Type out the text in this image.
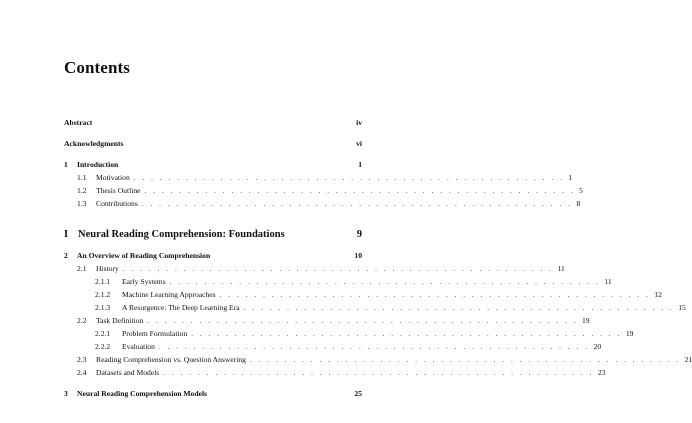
Contents
Abstract	iv
Acknowledgments	vi
1	Introduction	1
1.1	Motivation . . . . . . . . . . . . . . . . . . . . . . . . . . . . . . . . . . . . . . . . . . . . . . . . . . 1
1.2	Thesis Outline . . . . . . . . . . . . . . . . . . . . . . . . . . . . . . . . . . . . . . . . . . . . . . . . . . 5
1.3	Contributions . . . . . . . . . . . . . . . . . . . . . . . . . . . . . . . . . . . . . . . . . . . . . . . . . . 8
I Neural Reading Comprehension: Foundations	9
2	An Overview of Reading Comprehension	10
2.1	History . . . . . . . . . . . . . . . . . . . . . . . . . . . . . . . . . . . . . . . . . . . . . . . . . . 11
2.1.1	Early Systems . . . . . . . . . . . . . . . . . . . . . . . . . . . . . . . . . . . . . . . . . . . . . . . . . . 11
2.1.2	Machine Learning Approaches . . . . . . . . . . . . . . . . . . . . . . . . . . . . . . . . . . . . . . . . . . . . . . . . . . 12
2.1.3	A Resurgence: The Deep Learning Era . . . . . . . . . . . . . . . . . . . . . . . . . . . . . . . . . . . . . . . . . . . . . . . . . . 15
2.2	Task Definition . . . . . . . . . . . . . . . . . . . . . . . . . . . . . . . . . . . . . . . . . . . . . . . . . . 19
2.2.1	Problem Formulation . . . . . . . . . . . . . . . . . . . . . . . . . . . . . . . . . . . . . . . . . . . . . . . . . . 19
2.2.2	Evaluation . . . . . . . . . . . . . . . . . . . . . . . . . . . . . . . . . . . . . . . . . . . . . . . . . . 20
2.3	Reading Comprehension vs. Question Answering . . . . . . . . . . . . . . . . . . . . . . . . . . . . . . . . . . . . . . . . . . . . . . . . . . 21
2.4	Datasets and Models . . . . . . . . . . . . . . . . . . . . . . . . . . . . . . . . . . . . . . . . . . . . . . . . . . 23
3	Neural Reading Comprehension Models	25
